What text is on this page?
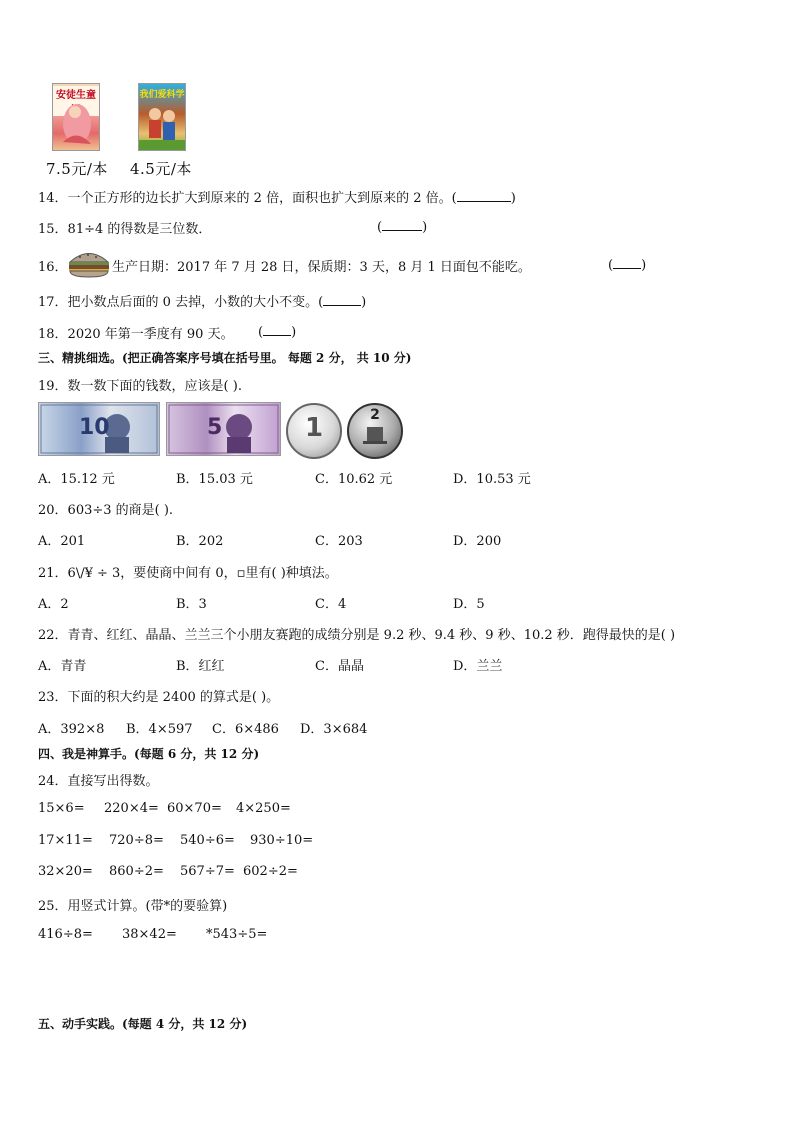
安徒生童	我们爱科学
7.5元/本 4.5元/本
14．一个正方形的边长扩大到原来的 2 倍，面积也扩大到原来的 2 倍。(	)
15．81÷4 的得数是三位数．	(	)
16．	生产日期：2017 年 7 月 28 日，保质期：3 天，8 月 1 日面包不能吃。	( )
17．把小数点后面的 0 去掉，小数的大小不变。(	)
18．2020 年第一季度有 90 天。 ( )
三、精挑细选。(把正确答案序号填在括号里。 每题 2 分， 共 10 分)
19．数一数下面的钱数，应该是( ).
10	5	1	2
A．15.12 元	B．15.03 元	C．10.62 元	D．10.53 元
20．603÷3 的商是( ).
A．201	B．202	C．203	D．200
21．6\/¥ ÷ 3，要使商中间有 0，▫里有( )种填法。
A．2	B．3	C．4	D．5
22．青青、红红、晶晶、兰兰三个小朋友赛跑的成绩分别是 9.2 秒、9.4 秒、9 秒、10.2 秒．跑得最快的是( )
A．青青	B．红红	C．晶晶	D．兰兰
23．下面的积大约是 2400 的算式是( )。
A．392×8 B．4×597 C．6×486 D．3×684
四、我是神算手。(每题 6 分，共 12 分)
24．直接写出得数。
15×6= 220×4= 60×70= 4×250=
17×11= 720÷8= 540÷6= 930÷10=
32×20= 860÷2= 567÷7= 602÷2=
25．用竖式计算。(带*的要验算)
416÷8= 38×42= *543÷5=
五、动手实践。(每题 4 分，共 12 分)
